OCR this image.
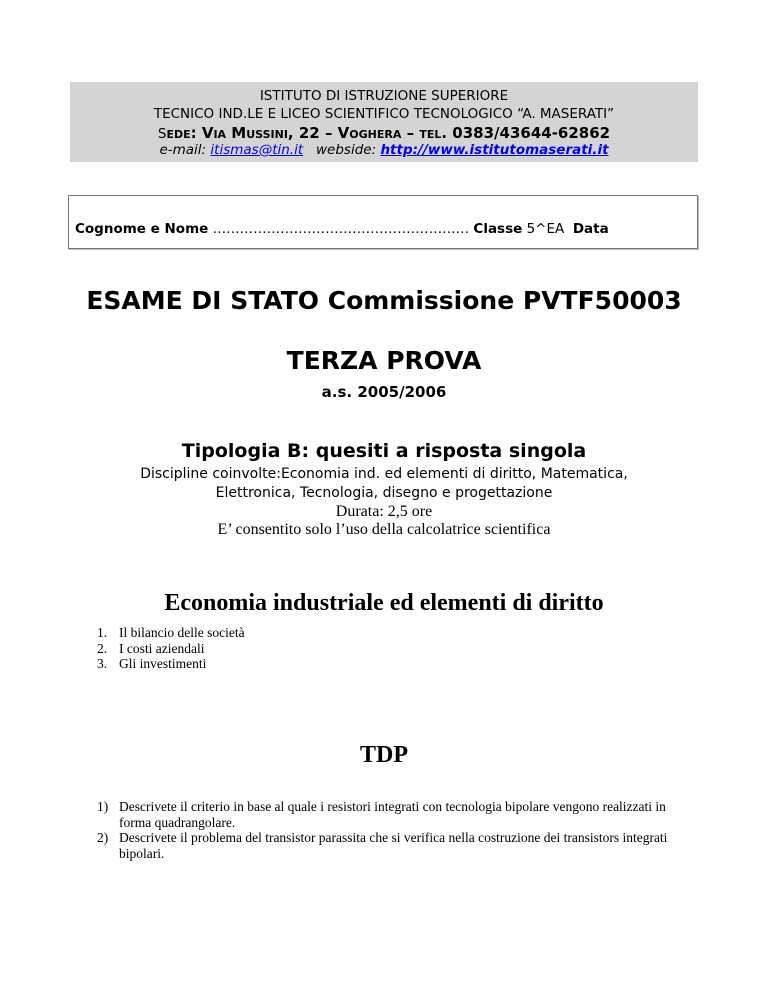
ISTITUTO DI ISTRUZIONE SUPERIORE
TECNICO IND.LE E LICEO SCIENTIFICO TECNOLOGICO “A. MASERATI”
SEDE: VIA MUSSINI, 22 – VOGHERA – TEL. 0383/43644-62862
e-mail: itismas@tin.it   webside: http://www.istitutomaserati.it
Cognome e Nome ………………………………………………… Classe 5^EA  Data
ESAME DI STATO Commissione PVTF50003
TERZA PROVA
a.s. 2005/2006
Tipologia B: quesiti a risposta singola
Discipline coinvolte:Economia ind. ed elementi di diritto, Matematica,
Elettronica, Tecnologia, disegno e progettazione
Durata: 2,5 ore
E’ consentito solo l’uso della calcolatrice scientifica
Economia industriale ed elementi di diritto
1. Il bilancio delle società
2. I costi aziendali
3. Gli investimenti
TDP
1) Descrivete il criterio in base al quale i resistori integrati con tecnologia bipolare vengono realizzati in forma quadrangolare.
2) Descrivete il problema del transistor parassita che si verifica nella costruzione dei transistors integrati bipolari.
